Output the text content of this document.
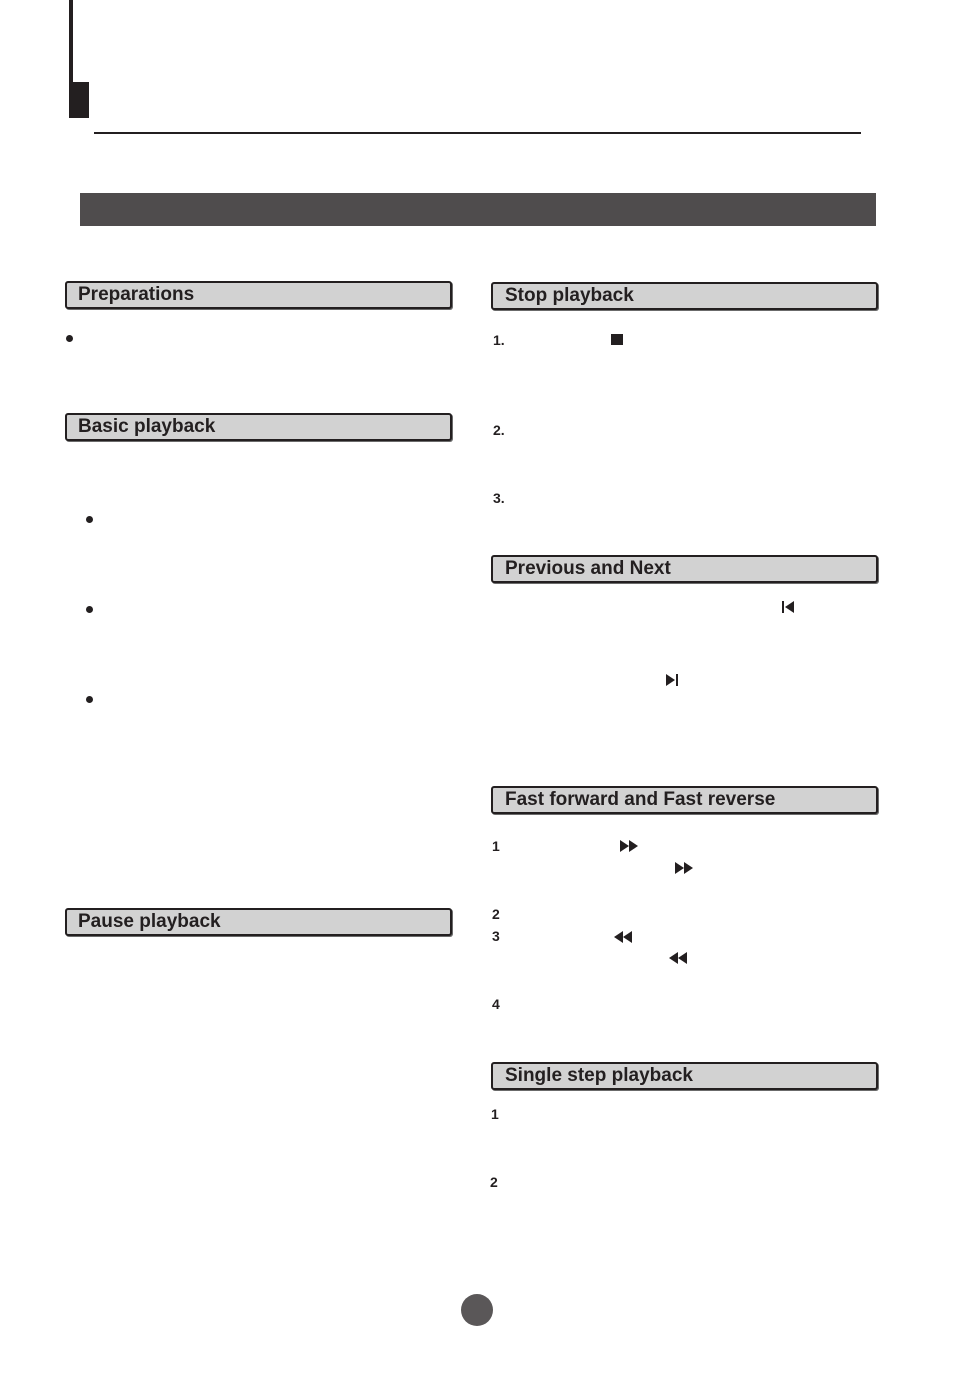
Preparations
Basic playback
Pause playback
Stop playback
1.
2.
3.
Previous and Next
Fast forward and Fast reverse
1
2
3
4
Single step playback
1
2
